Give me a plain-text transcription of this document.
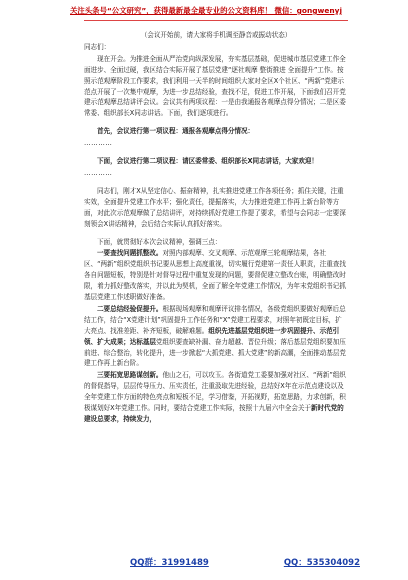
关注头条号“公文研究”，获得最新最全最专业的公文资料库！ 微信：gongwenyj

（会议开始前，请大家将手机调至静音或振动状态）

同志们：

现在开会。为推进全面从严治党向纵深发展，夯实基层基础，促进城市基层党建工作全面进步、全面过硬，我区结合实际开展了基层党建“逐社观摩 整街推进 全面提升”工作。按照示范观摩阶段工作要求，我们利用一天半的时间组织大家对全区X个社区、“两新”党建示范点开展了一次集中观摩，为进一步总结经验，查找不足，促进工作开展，下面我们召开党建示范观摩总结讲评会议。会议共有两项议程：一是由我通报各观摩点得分情况；二是区委常委、组织部长X同志讲话。下面，我们逐项进行。

首先，会议进行第一项议程：通报各观摩点得分情况：

…………

下面，会议进行第二项议程：请区委常委、组织部长X同志讲话，大家欢迎！

…………

同志们，刚才X从坚定信心、振奋精神，扎实推进党建工作各项任务；抓住关键，注重实效，全面提升党建工作水平；强化责任，提振落实，大力推进党建工作再上新台阶等方面，对此次示范观摩做了总结讲评，对持续抓好党建工作提了要求，希望与会同志一定要深刻领会X讲话精神，会后结合实际认真抓好落实。

下面，就贯彻好本次会议精神，强调三点：

一要查找问题抓整改。对照内部观摩、交叉观摩、示范观摩三轮观摩结果，各社区、“两新”组织党组织书记要从思想上高度重视，切实履行党建第一责任人职责，注重查找各自问题短板，特别是针对督导过程中重复发现的问题，要督促建立整改台账，明确整改时限，着力抓好整改落实，并以此为契机，全面了解全年党建工作情况，为年末党组织书记抓基层党建工作述职做好准备。

二要总结经验促提升。根据现场观摩和观摩评议排名情况，各级党组织要做好观摩后总结工作，结合“X党建计划”巩固提升工作任务和“X”党建工程要求，对照年初既定目标，扩大亮点、找准差距、补齐短板，破解难题。组织先进基层党组织进一步巩固提升、示范引领、扩大成果；达标基层党组织要查缺补漏、奋力超越、晋位升级；落后基层党组织要加压前进、综合整治，转化提升，进一步掀起“大抓党建、抓大党建”的新高潮，全面推动基层党建工作再上新台阶。

三要拓宽思路谋创新。他山之石，可以攻玉。各街道党工委要加强对社区、“两新”组织的督促指导，层层传导压力、压实责任，注重汲取先进经验，总结好X年在示范点建设以及全年党建工作方面的特色亮点和短板不足，学习借鉴，开拓视野，拓宽思路，力求创新，积极谋划好X年党建工作。同时，要结合党建工作实际，按照十九届六中全会关于新时代党的建设总要求，持续发力，

QQ群：31991489	QQ：535304092
